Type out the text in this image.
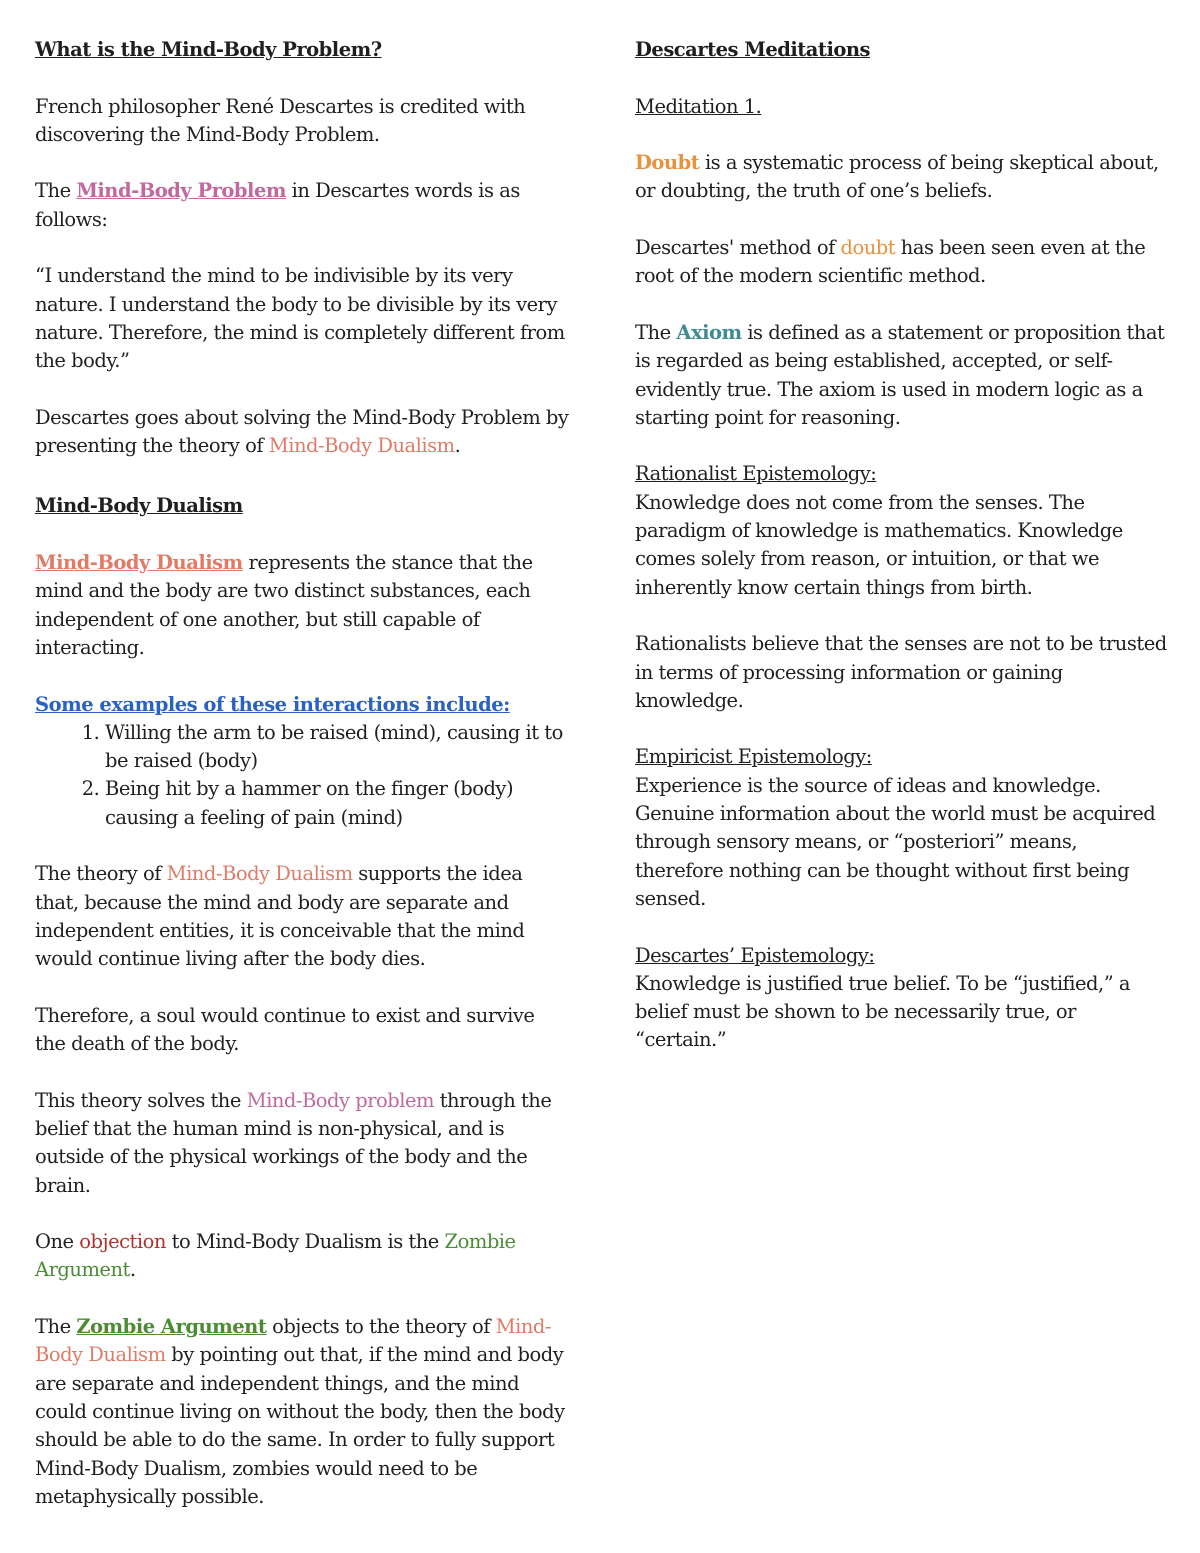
What is the Mind-Body Problem?

French philosopher René Descartes is credited with discovering the Mind-Body Problem.

The Mind-Body Problem in Descartes words is as follows:

“I understand the mind to be indivisible by its very nature. I understand the body to be divisible by its very nature. Therefore, the mind is completely different from the body.”

Descartes goes about solving the Mind-Body Problem by presenting the theory of Mind-Body Dualism.

Mind-Body Dualism

Mind-Body Dualism represents the stance that the mind and the body are two distinct substances, each independent of one another, but still capable of interacting.

Some examples of these interactions include:

1. Willing the arm to be raised (mind), causing it to be raised (body)
2. Being hit by a hammer on the finger (body) causing a feeling of pain (mind)

The theory of Mind-Body Dualism supports the idea that, because the mind and body are separate and independent entities, it is conceivable that the mind would continue living after the body dies.

Therefore, a soul would continue to exist and survive the death of the body.

This theory solves the Mind-Body problem through the belief that the human mind is non-physical, and is outside of the physical workings of the body and the brain.

One objection to Mind-Body Dualism is the Zombie Argument.

The Zombie Argument objects to the theory of Mind-Body Dualism by pointing out that, if the mind and body are separate and independent things, and the mind could continue living on without the body, then the body should be able to do the same. In order to fully support Mind-Body Dualism, zombies would need to be metaphysically possible.

Descartes Meditations

Meditation 1.

Doubt is a systematic process of being skeptical about, or doubting, the truth of one’s beliefs.

Descartes' method of doubt has been seen even at the root of the modern scientific method.

The Axiom is defined as a statement or proposition that is regarded as being established, accepted, or self-evidently true. The axiom is used in modern logic as a starting point for reasoning.

Rationalist Epistemology:

Knowledge does not come from the senses. The paradigm of knowledge is mathematics. Knowledge comes solely from reason, or intuition, or that we inherently know certain things from birth.

Rationalists believe that the senses are not to be trusted in terms of processing information or gaining knowledge.

Empiricist Epistemology:

Experience is the source of ideas and knowledge. Genuine information about the world must be acquired through sensory means, or “posteriori” means, therefore nothing can be thought without first being sensed.

Descartes’ Epistemology:

Knowledge is justified true belief. To be “justified,” a belief must be shown to be necessarily true, or “certain.”
